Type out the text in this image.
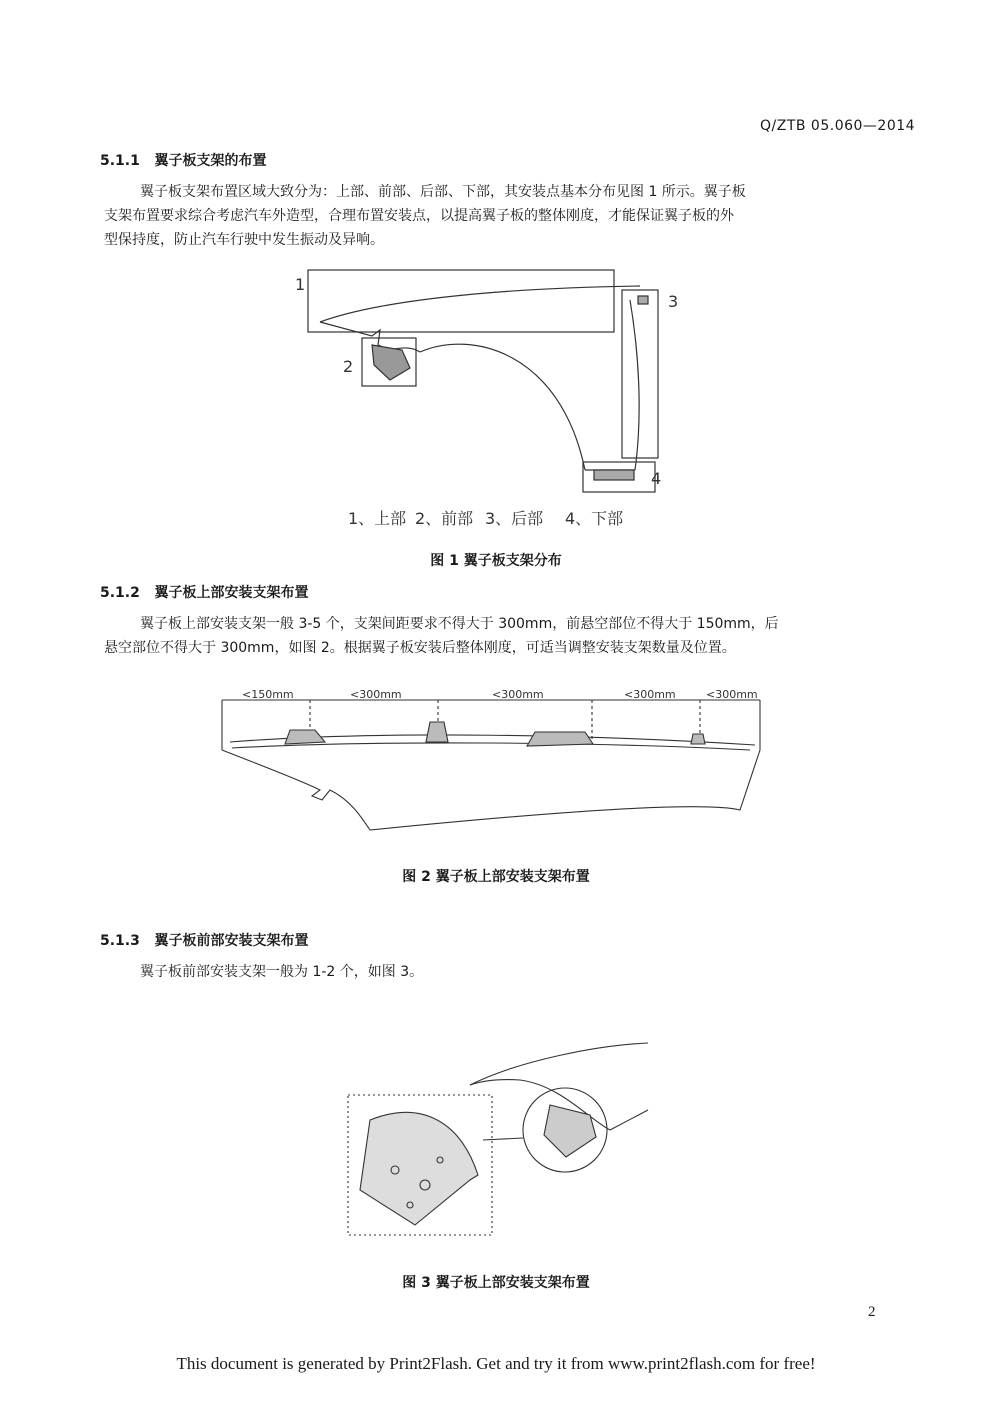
Q/ZTB 05.060—2014
5.1.1 翼子板支架的布置
翼子板支架布置区域大致分为：上部、前部、后部、下部，其安装点基本分布见图 1 所示。翼子板
支架布置要求综合考虑汽车外造型，合理布置安装点，以提高翼子板的整体刚度，才能保证翼子板的外
型保持度，防止汽车行驶中发生振动及异响。
1
2
3
4
1、上部 2、前部 3、后部 4、下部
图 1 翼子板支架分布
5.1.2 翼子板上部安装支架布置
翼子板上部安装支架一般 3-5 个，支架间距要求不得大于 300mm，前悬空部位不得大于 150mm，后
悬空部位不得大于 300mm，如图 2。根据翼子板安装后整体刚度，可适当调整安装支架数量及位置。
<150mm	<300mm	<300mm	<300mm	<300mm
图 2 翼子板上部安装支架布置
5.1.3 翼子板前部安装支架布置
翼子板前部安装支架一般为 1-2 个，如图 3。
图 3 翼子板上部安装支架布置
2
This document is generated by Print2Flash. Get and try it from www.print2flash.com for free!
